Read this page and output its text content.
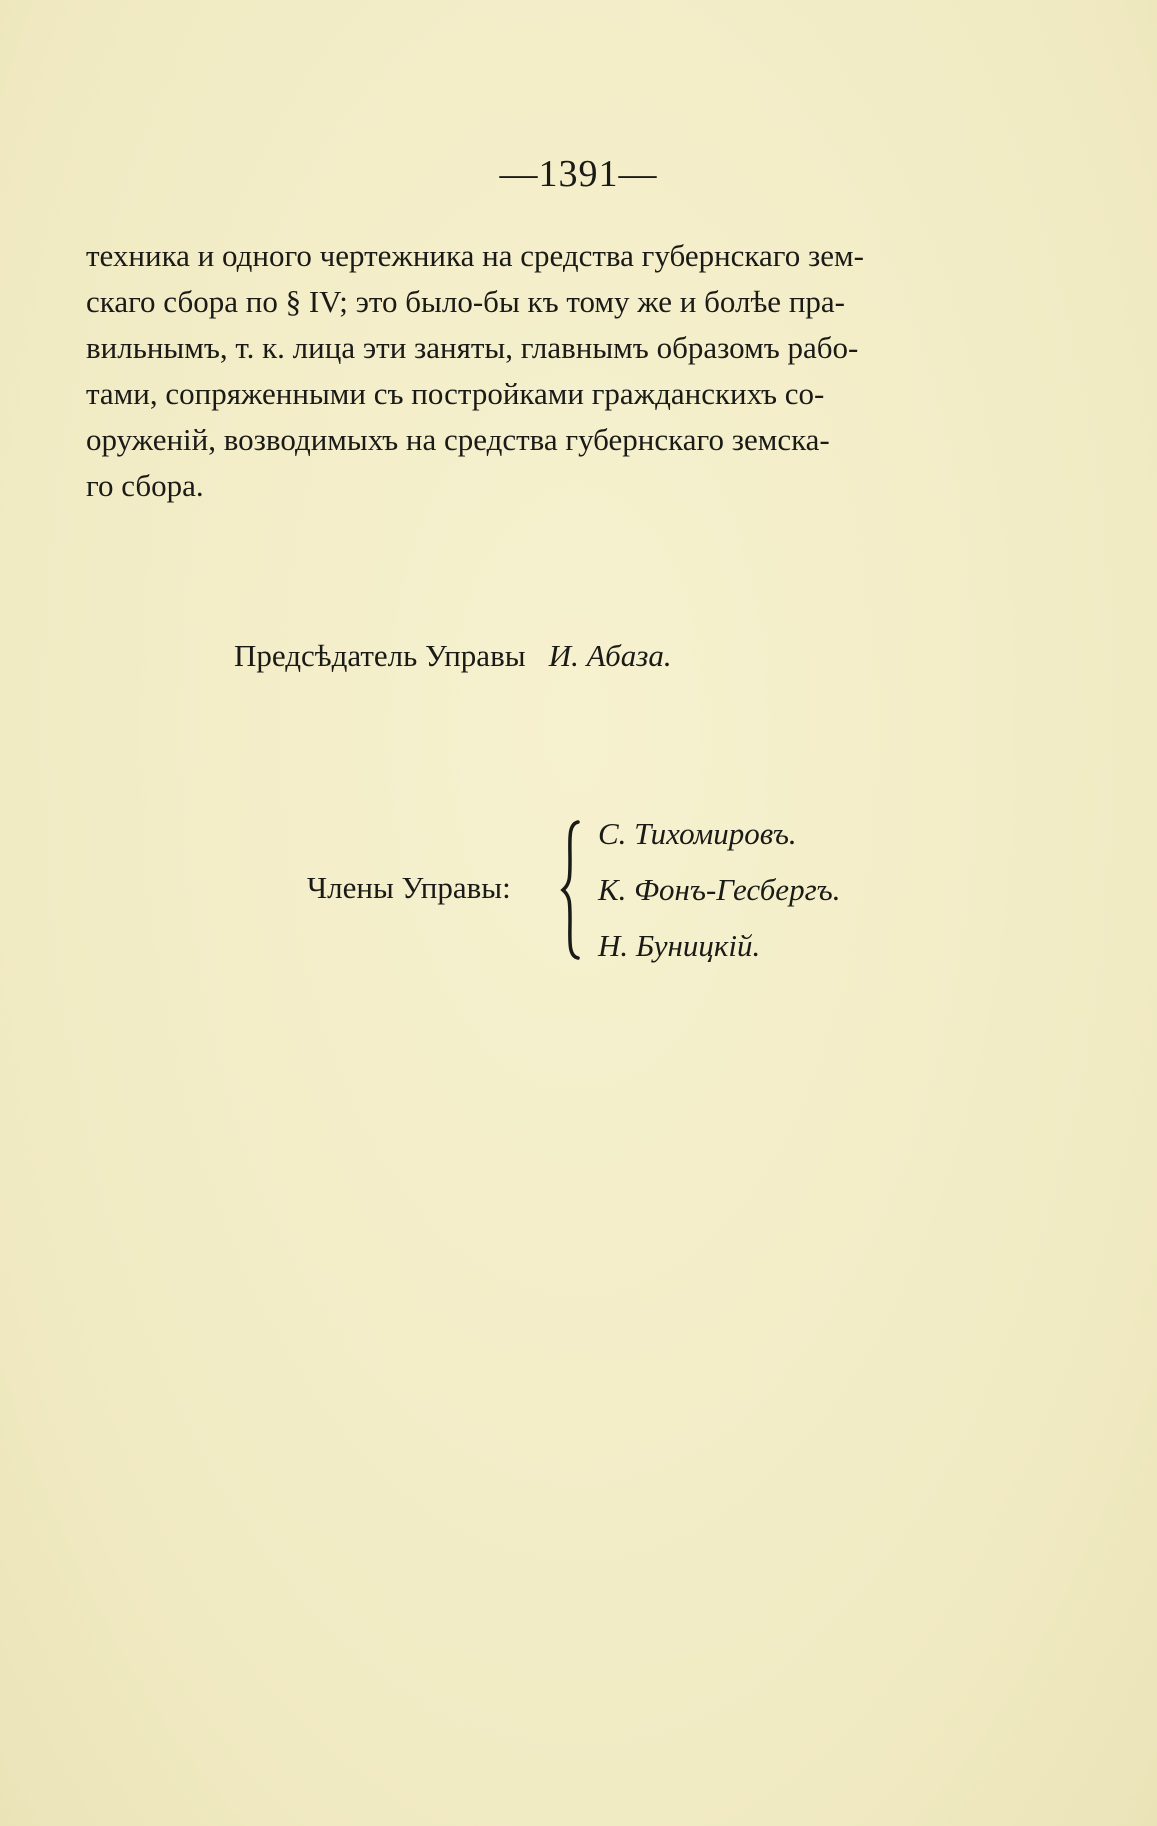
—1391—
техника и одного чертежника на средства губернскаго зем-
скаго сбора по § IV; это было-бы къ тому же и болѣе пра-
вильнымъ, т. к. лица эти заняты, главнымъ образомъ рабо-
тами, сопряженными съ постройками гражданскихъ со-
оруженій, возводимыхъ на средства губернскаго земска-
го сбора.
Предсѣдатель Управы И. Абаза.
Члены Управы:
С. Тихомировъ.
К. Фонъ-Гесбергъ.
Н. Буницкій.
